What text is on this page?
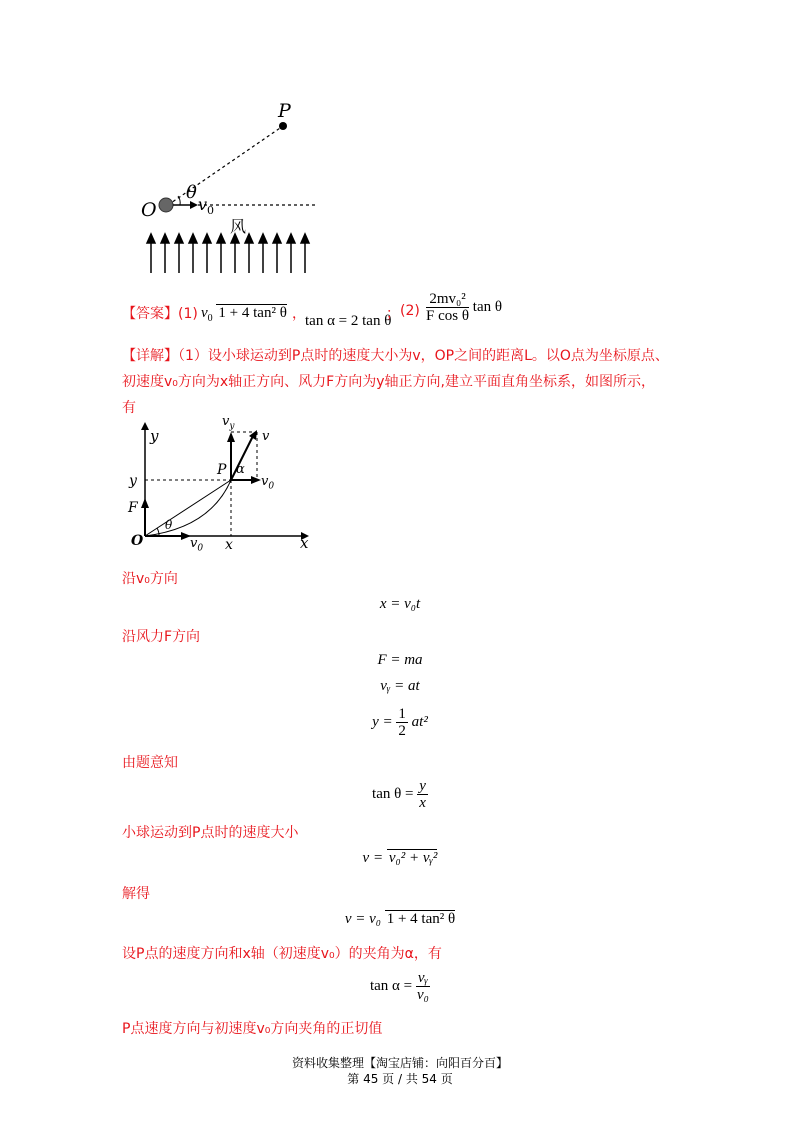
P
O
θ
$v_0$
风
【答案】(1) $v_0$ 1 + 4 tan² θ ， tan α = 2 tan θ
； $(2) \frac{\text{2mv₀²}}{\text{F cos θ}}$ tan θ
【详解】（1）设小球运动到P点时的速度大小为v，OP之间的距离L。以O点为坐标原点、
初速度v₀方向为x轴正方向、风力F方向为y轴正方向,建立平面直角坐标系，如图所示，
有
y
x
O
y
x
F
P
$v_y$
v
α
$v_0$
$v_0$
θ
沿v₀方向
x = v₀t
沿风力F方向
F = ma
vᵧ = at
$y = \frac{1}{2} at^2$
由题意知
$\tan \theta = \frac{y}{x}$
小球运动到P点时的速度大小
v = v₀² + vᵧ²
解得
v = v₀ 1 + 4 tan² θ
设P点的速度方向和x轴（初速度v₀）的夹角为α，有
$\tan \alpha = \frac{\text{vᵧ}}{\text{v₀}}$
P点速度方向与初速度v₀方向夹角的正切值
资料收集整理【淘宝店铺：向阳百分百】
第 45 页 / 共 54 页
